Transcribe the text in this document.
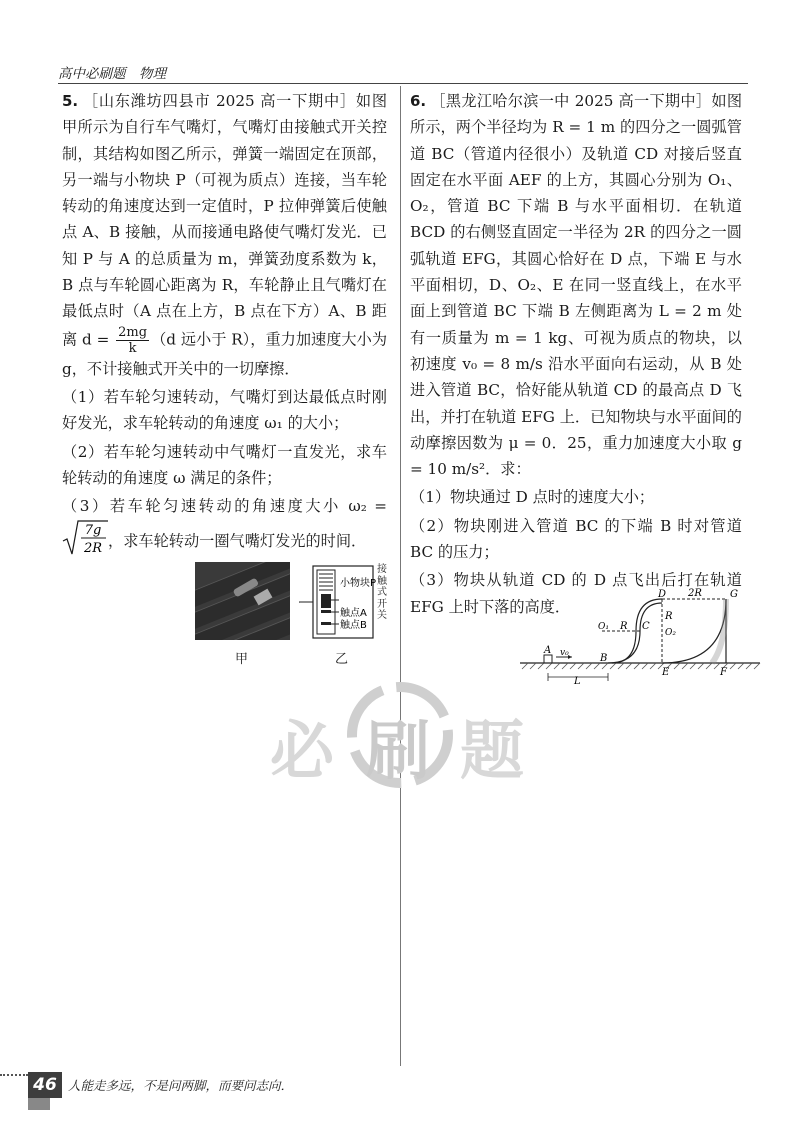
高中必刷题　物理

5. ［山东潍坊四县市 2025 高一下期中］如图甲所示为自行车气嘴灯，气嘴灯由接触式开关控制，其结构如图乙所示，弹簧一端固定在顶部，另一端与小物块 P（可视为质点）连接，当车轮转动的角速度达到一定值时，P 拉伸弹簧后使触点 A、B 接触，从而接通电路使气嘴灯发光．已知 P 与 A 的总质量为 m，弹簧劲度系数为 k，B 点与车轮圆心距离为 R，车轮静止且气嘴灯在最低点时（A 点在上方，B 点在下方）A、B 距离 $d = \frac{2mg}{k} (d$ 远小于 R），重力加速度大小为 g，不计接触式开关中的一切摩擦．

（1）若车轮匀速转动，气嘴灯到达最低点时刚好发光，求车轮转动的角速度 ω₁ 的大小；

（2）若车轮匀速转动中气嘴灯一直发光，求车轮转动的角速度 ω 满足的条件；

（3）若车轮匀速转动的角速度大小 ω₂ =
7g
2R ，求车轮转动一圈气嘴灯发光的时间．

小物块P
触点A
触点B
接触式开关
甲	乙

6. ［黑龙江哈尔滨一中 2025 高一下期中］如图所示，两个半径均为 R = 1 m 的四分之一圆弧管道 BC（管道内径很小）及轨道 CD 对接后竖直固定在水平面 AEF 的上方，其圆心分别为 O₁、O₂，管道 BC 下端 B 与水平面相切．在轨道 BCD 的右侧竖直固定一半径为 2R 的四分之一圆弧轨道 EFG，其圆心恰好在 D 点，下端 E 与水平面相切，D、O₂、E 在同一竖直线上，在水平面上到管道 BC 下端 B 左侧距离为 L = 2 m 处有一质量为 m = 1 kg、可视为质点的物块，以初速度 v₀ = 8 m/s 沿水平面向右运动，从 B 处进入管道 BC，恰好能从轨道 CD 的最高点 D 飞出，并打在轨道 EFG 上．已知物块与水平面间的动摩擦因数为 μ = 0．25，重力加速度大小取 g = 10 m/s²．求：

（1）物块通过 D 点时的速度大小；

（2）物块刚进入管道 BC 的下端 B 时对管道 BC 的压力；

（3）物块从轨道 CD 的 D 点飞出后打在轨道 EFG 上时下落的高度．

L
A v₀	B
C
D
E	F
G
O₁
O₂
R
R
2R
必 刷 题
46 人能走多远，不是问两脚，而要问志向．
